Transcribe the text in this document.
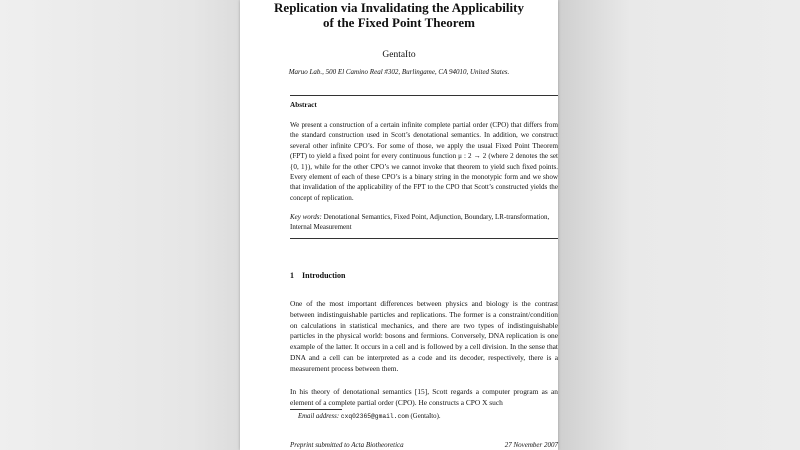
Replication via Invalidating the Applicability
of the Fixed Point Theorem
GentaIto
Maruo Lab., 500 El Camino Real #302, Burlingame, CA 94010, United States.
Abstract
We present a construction of a certain infinite complete partial order (CPO) that differs from the standard construction used in Scott’s denotational semantics. In addition, we construct several other infinite CPO’s. For some of those, we apply the usual Fixed Point Theorem (FPT) to yield a fixed point for every continuous function μ : 2 → 2 (where 2 denotes the set {0, 1}), while for the other CPO’s we cannot invoke that theorem to yield such fixed points. Every element of each of these CPO’s is a binary string in the monotypic form and we show that invalidation of the applicability of the FPT to the CPO that Scott’s constructed yields the concept of replication.
Key words: Denotational Semantics, Fixed Point, Adjunction, Boundary, LR-transformation, Internal Measurement
1 Introduction
One of the most important differences between physics and biology is the contrast between indistinguishable particles and replications. The former is a constraint/condition on calculations in statistical mechanics, and there are two types of indistinguishable particles in the physical world: bosons and fermions. Conversely, DNA replication is one example of the latter. It occurs in a cell and is followed by a cell division. In the sense that DNA and a cell can be interpreted as a code and its decoder, respectively, there is a measurement process between them.
In his theory of denotational semantics [15], Scott regards a computer program as an element of a complete partial order (CPO). He constructs a CPO X such
Email address: cxq02365@gmail.com (GentaIto).
Preprint submitted to Acta Biotheoretica	27 November 2007
